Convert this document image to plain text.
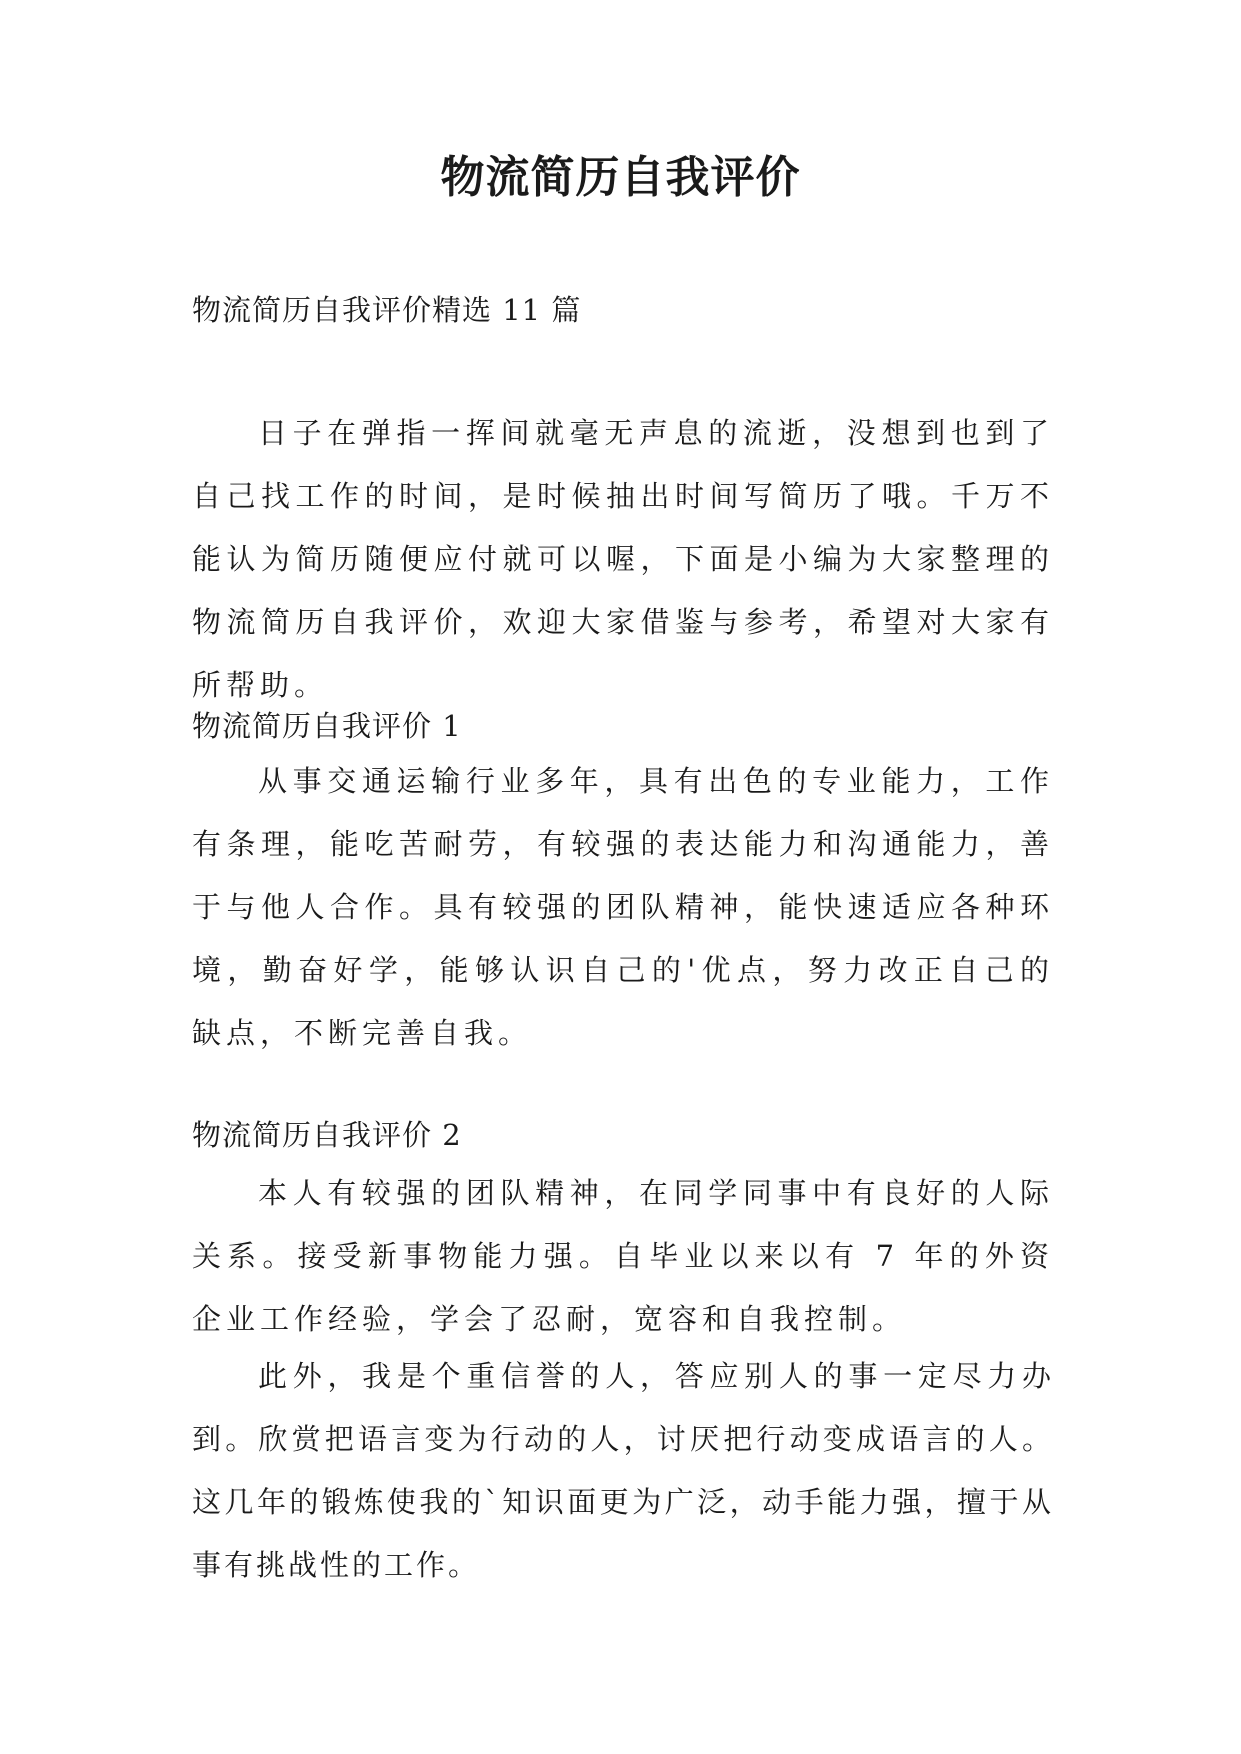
物流简历自我评价
物流简历自我评价精选 11 篇

日子在弹指一挥间就毫无声息的流逝，没想到也到了自己找工作的时间，是时候抽出时间写简历了哦。千万不能认为简历随便应付就可以喔，下面是小编为大家整理的物流简历自我评价，欢迎大家借鉴与参考，希望对大家有所帮助。

物流简历自我评价 1

从事交通运输行业多年，具有出色的专业能力，工作有条理，能吃苦耐劳，有较强的表达能力和沟通能力，善于与他人合作。具有较强的团队精神，能快速适应各种环境，勤奋好学，能够认识自己的'优点，努力改正自己的缺点，不断完善自我。

物流简历自我评价 2

本人有较强的团队精神，在同学同事中有良好的人际关系。接受新事物能力强。自毕业以来以有 7 年的外资企业工作经验，学会了忍耐，宽容和自我控制。

此外，我是个重信誉的人，答应别人的事一定尽力办到。欣赏把语言变为行动的人，讨厌把行动变成语言的人。这几年的锻炼使我的`知识面更为广泛，动手能力强，擅于从事有挑战性的工作。
